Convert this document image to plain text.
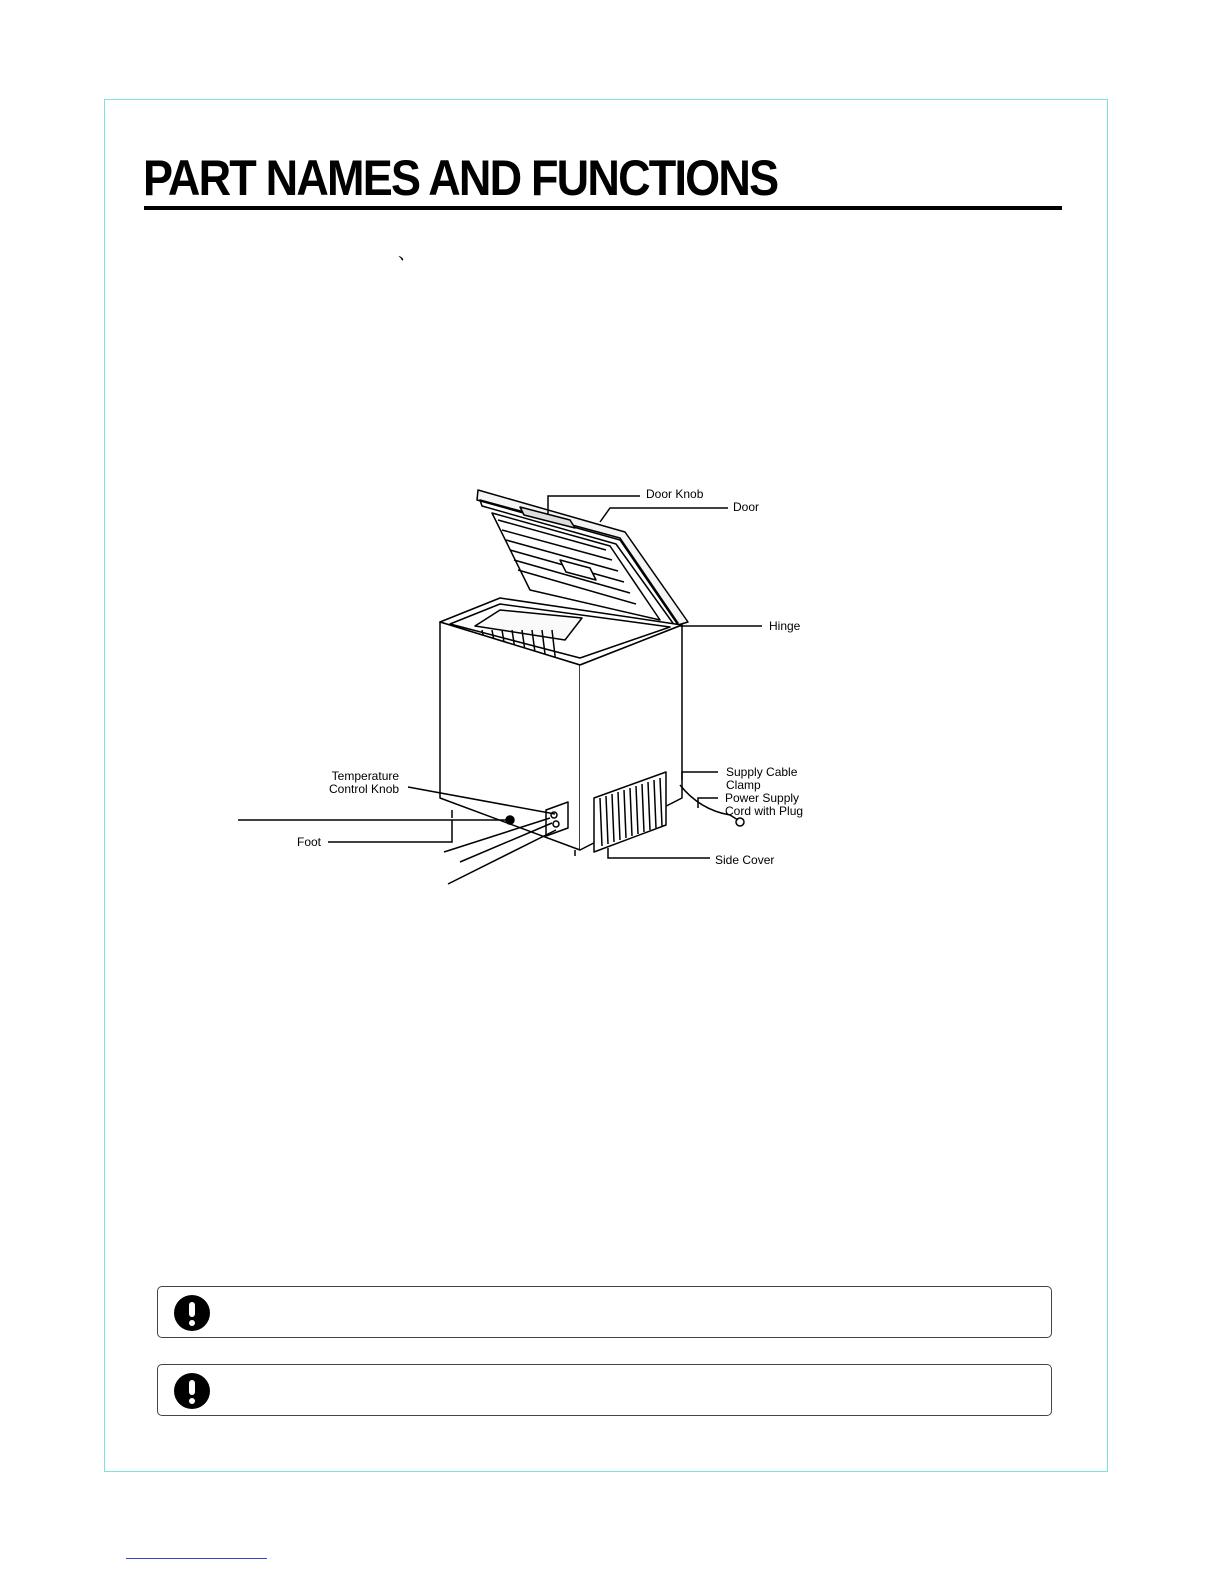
PART NAMES AND FUNCTIONS
、
Door Knob
Door
Hinge
Temperature
Control Knob
Foot
Supply Cable
Clamp
Power Supply
Cord with Plug
Side Cover
